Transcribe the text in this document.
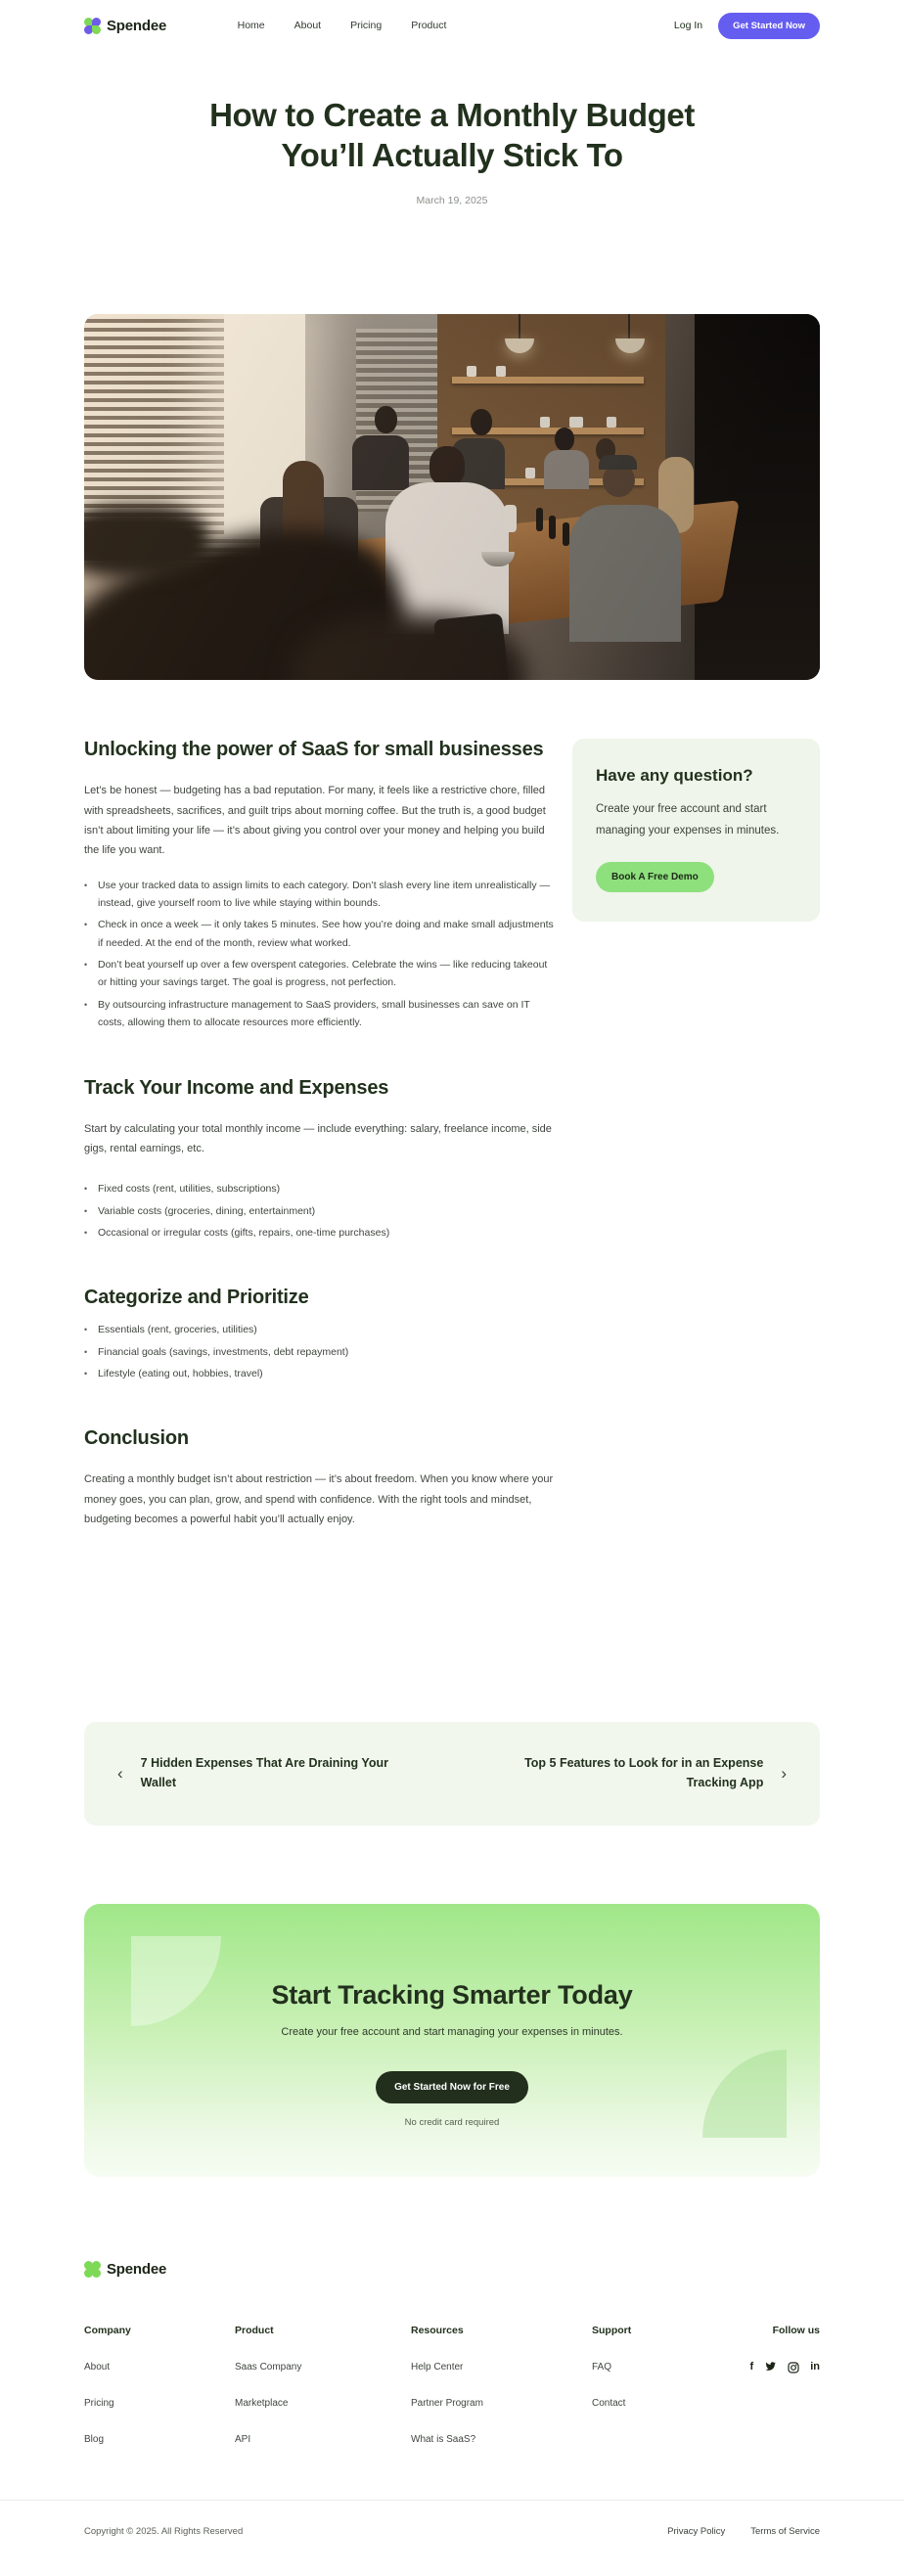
Spendee	Home	About	Pricing	Product	Log In	Get Started Now
How to Create a Monthly Budget
You’ll Actually Stick To
March 19, 2025
Unlocking the power of SaaS for small businesses

Let’s be honest — budgeting has a bad reputation. For many, it feels like a restrictive chore, filled with spreadsheets, sacrifices, and guilt trips about morning coffee. But the truth is, a good budget isn’t about limiting your life — it’s about giving you control over your money and helping you build the life you want.

• Use your tracked data to assign limits to each category. Don’t slash every line item unrealistically — instead, give yourself room to live while staying within bounds.
• Check in once a week — it only takes 5 minutes. See how you’re doing and make small adjustments if needed. At the end of the month, review what worked.
• Don’t beat yourself up over a few overspent categories. Celebrate the wins — like reducing takeout or hitting your savings target. The goal is progress, not perfection.
• By outsourcing infrastructure management to SaaS providers, small businesses can save on IT costs, allowing them to allocate resources more efficiently.
Track Your Income and Expenses

Start by calculating your total monthly income — include everything: salary, freelance income, side gigs, rental earnings, etc.

• Fixed costs (rent, utilities, subscriptions)
• Variable costs (groceries, dining, entertainment)
• Occasional or irregular costs (gifts, repairs, one-time purchases)
Categorize and Prioritize
• Essentials (rent, groceries, utilities)
• Financial goals (savings, investments, debt repayment)
• Lifestyle (eating out, hobbies, travel)
Conclusion

Creating a monthly budget isn’t about restriction — it’s about freedom. When you know where your money goes, you can plan, grow, and spend with confidence. With the right tools and mindset, budgeting becomes a powerful habit you’ll actually enjoy.

Have any question?

Create your free account and start managing your expenses in minutes.

Book A Free Demo
‹
7 Hidden Expenses That Are Draining Your Wallet
Top 5 Features to Look for in an Expense Tracking App ›
Start Tracking Smarter Today
Create your free account and start managing your expenses in minutes.
Get Started Now for Free
No credit card required
Spendee
Company
About
Pricing
Blog
Product
Saas Company
Marketplace
API
Resources
Help Center
Partner Program
What is SaaS?
Support
FAQ
Contact
Follow us
f	in
Copyright © 2025. All Rights Reserved	Privacy Policy	Terms of Service
